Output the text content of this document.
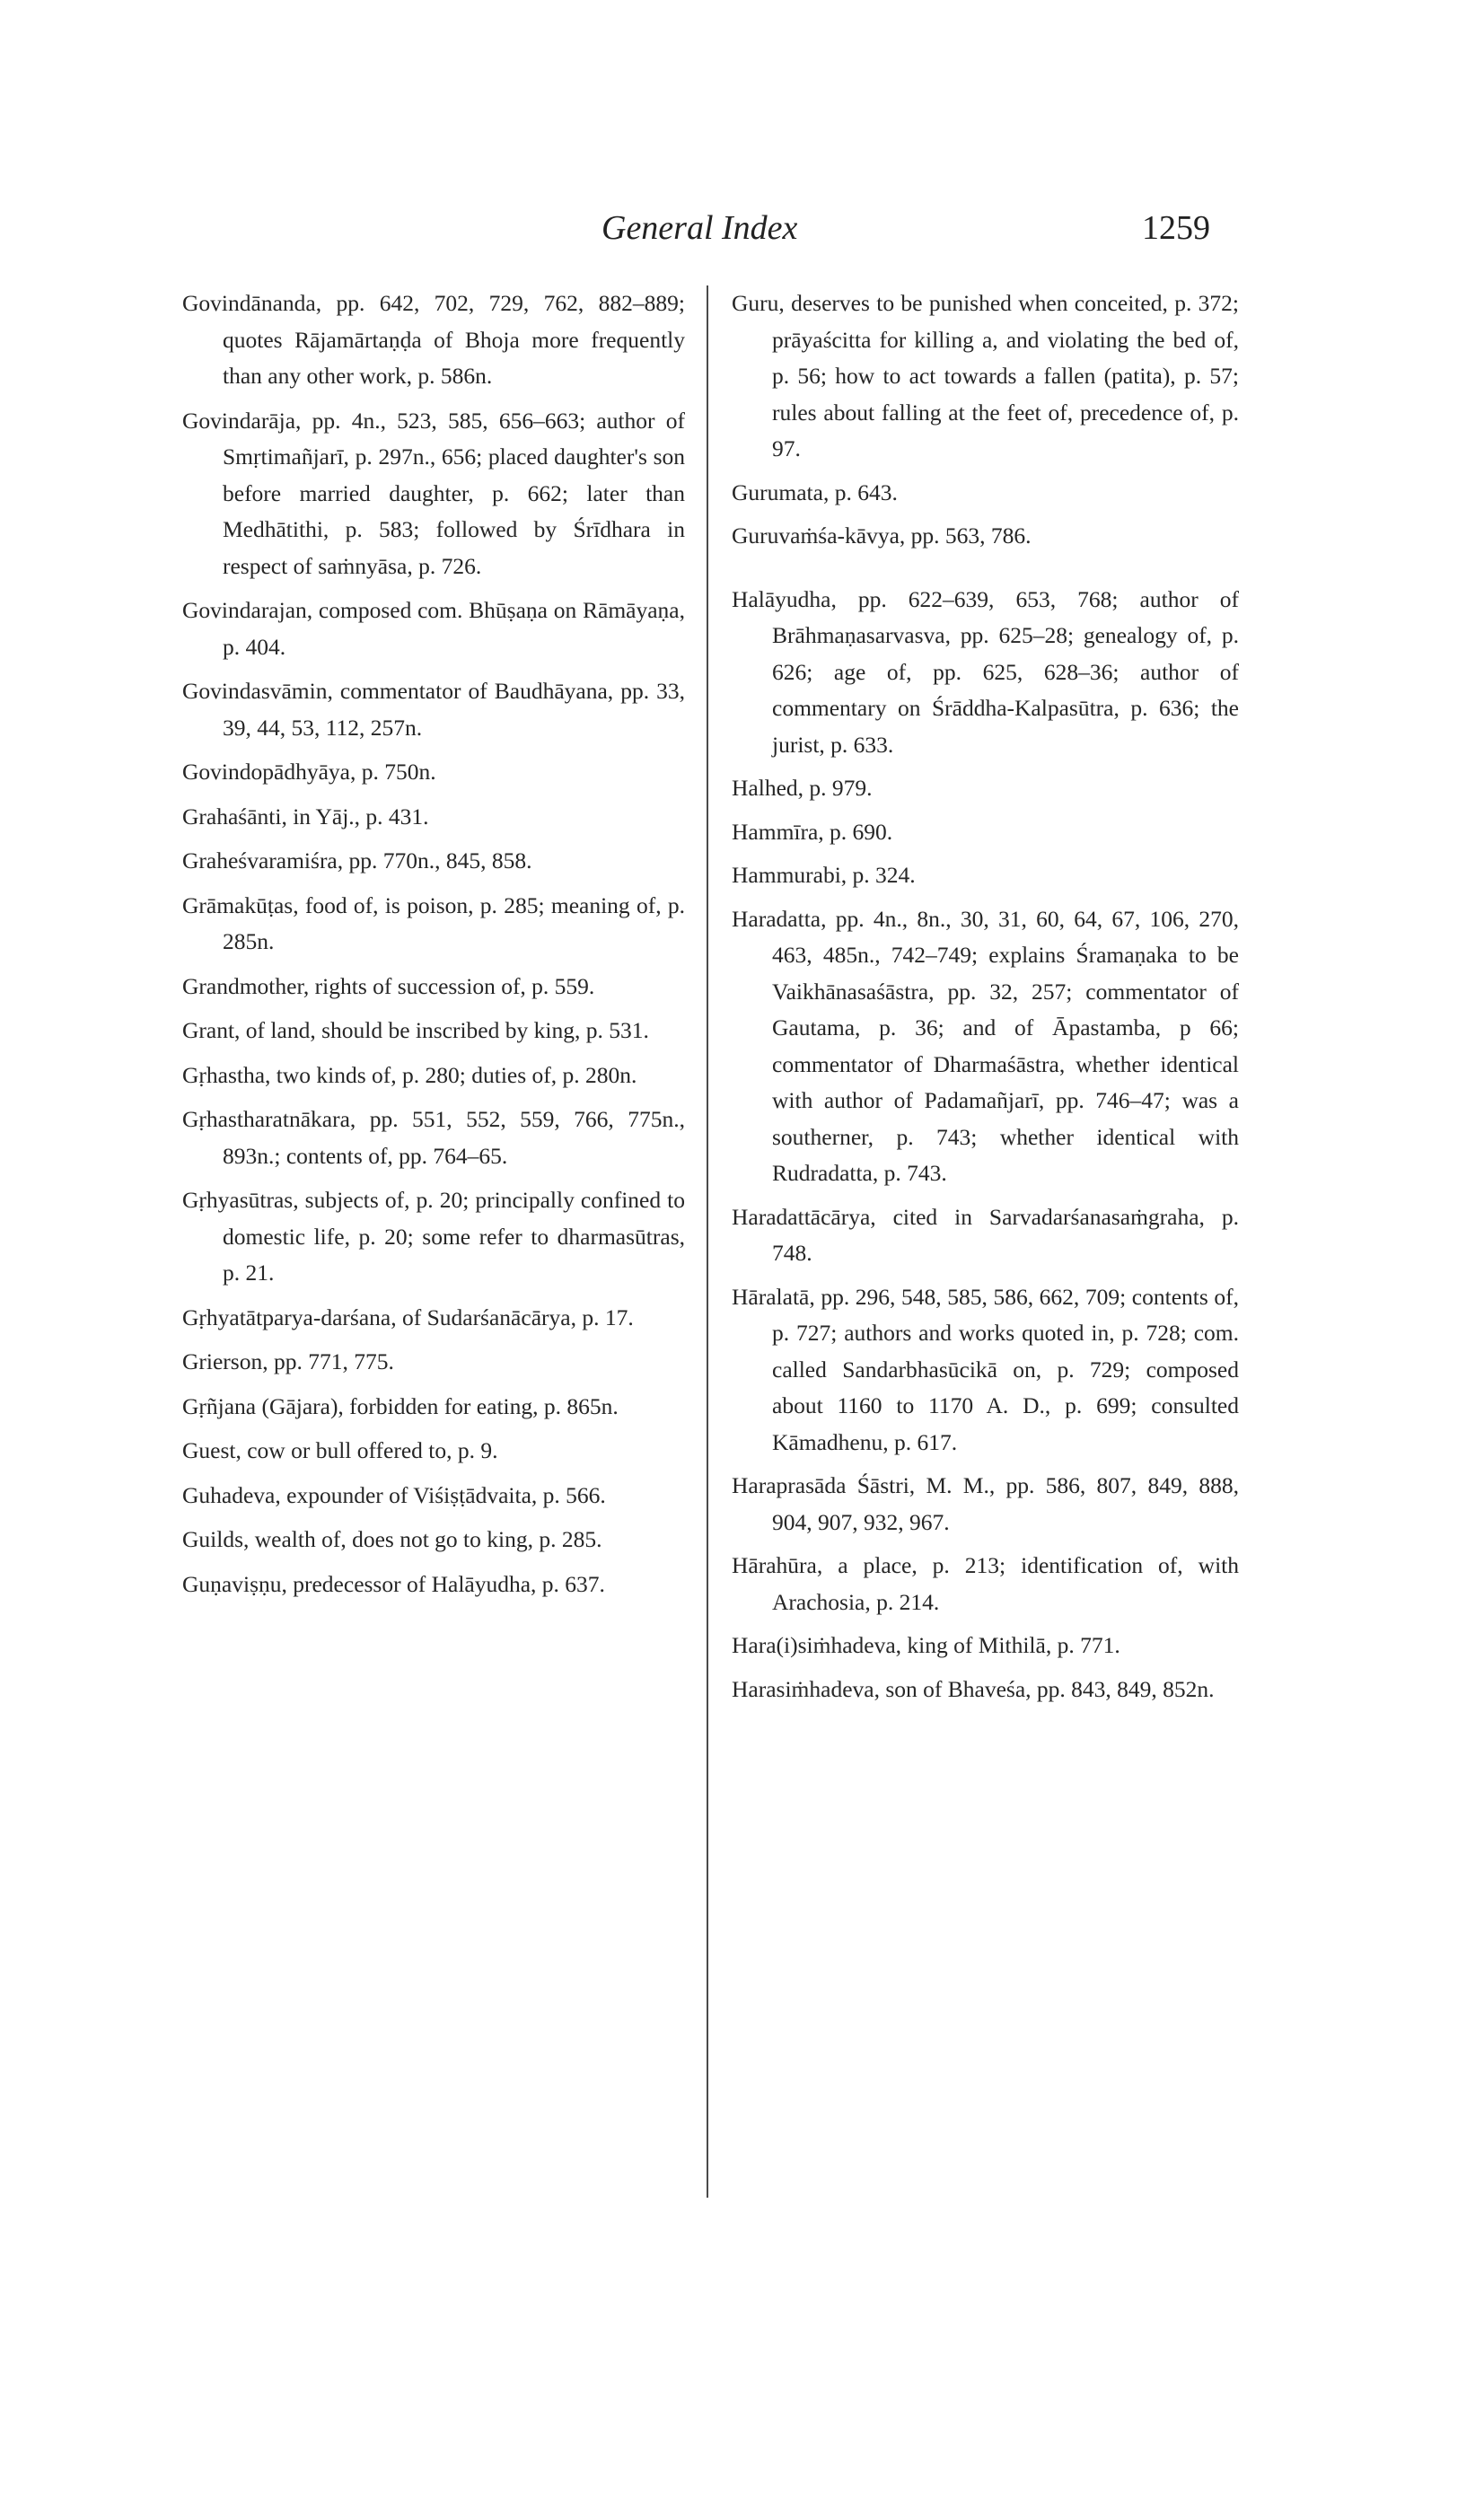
General Index	1259

Govindānanda, pp. 642, 702, 729, 762, 882–889; quotes Rājamārtaṇḍa of Bhoja more frequently than any other work, p. 586n.

Govindarāja, pp. 4n., 523, 585, 656–663; author of Smṛtimañjarī, p. 297n., 656; placed daughter's son before married daughter, p. 662; later than Medhātithi, p. 583; followed by Śrīdhara in respect of saṁnyāsa, p. 726.

Govindarajan, composed com. Bhūṣaṇa on Rāmāyaṇa, p. 404.

Govindasvāmin, commentator of Baudhāyana, pp. 33, 39, 44, 53, 112, 257n.

Govindopādhyāya, p. 750n.

Grahaśānti, in Yāj., p. 431.

Graheśvaramiśra, pp. 770n., 845, 858.

Grāmakūṭas, food of, is poison, p. 285; meaning of, p. 285n.

Grandmother, rights of succession of, p. 559.

Grant, of land, should be inscribed by king, p. 531.

Gṛhastha, two kinds of, p. 280; duties of, p. 280n.

Gṛhastharatnākara, pp. 551, 552, 559, 766, 775n., 893n.; contents of, pp. 764–65.

Gṛhyasūtras, subjects of, p. 20; principally confined to domestic life, p. 20; some refer to dharmasūtras, p. 21.

Gṛhyatātparya-darśana, of Sudarśanācārya, p. 17.

Grierson, pp. 771, 775.

Gṛñjana (Gājara), forbidden for eating, p. 865n.

Guest, cow or bull offered to, p. 9.

Guhadeva, expounder of Viśiṣṭādvaita, p. 566.

Guilds, wealth of, does not go to king, p. 285.

Guṇaviṣṇu, predecessor of Halāyudha, p. 637.

Guru, deserves to be punished when conceited, p. 372; prāyaścitta for killing a, and violating the bed of, p. 56; how to act towards a fallen (patita), p. 57; rules about falling at the feet of, precedence of, p. 97.

Gurumata, p. 643.

Guruvaṁśa-kāvya, pp. 563, 786.

Halāyudha, pp. 622–639, 653, 768; author of Brāhmaṇasarvasva, pp. 625–28; genealogy of, p. 626; age of, pp. 625, 628–36; author of commentary on Śrāddha-Kalpasūtra, p. 636; the jurist, p. 633.

Halhed, p. 979.

Hammīra, p. 690.

Hammurabi, p. 324.

Haradatta, pp. 4n., 8n., 30, 31, 60, 64, 67, 106, 270, 463, 485n., 742–749; explains Śramaṇaka to be Vaikhānasaśāstra, pp. 32, 257; commentator of Gautama, p. 36; and of Āpastamba, p 66; commentator of Dharmaśāstra, whether identical with author of Padamañjarī, pp. 746–47; was a southerner, p. 743; whether identical with Rudradatta, p. 743.

Haradattācārya, cited in Sarvadarśanasaṁgraha, p. 748.

Hāralatā, pp. 296, 548, 585, 586, 662, 709; contents of, p. 727; authors and works quoted in, p. 728; com. called Sandarbhasūcikā on, p. 729; composed about 1160 to 1170 A. D., p. 699; consulted Kāmadhenu, p. 617.

Haraprasāda Śāstri, M. M., pp. 586, 807, 849, 888, 904, 907, 932, 967.

Hārahūra, a place, p. 213; identification of, with Arachosia, p. 214.

Hara(i)siṁhadeva, king of Mithilā, p. 771.

Harasiṁhadeva, son of Bhaveśa, pp. 843, 849, 852n.
